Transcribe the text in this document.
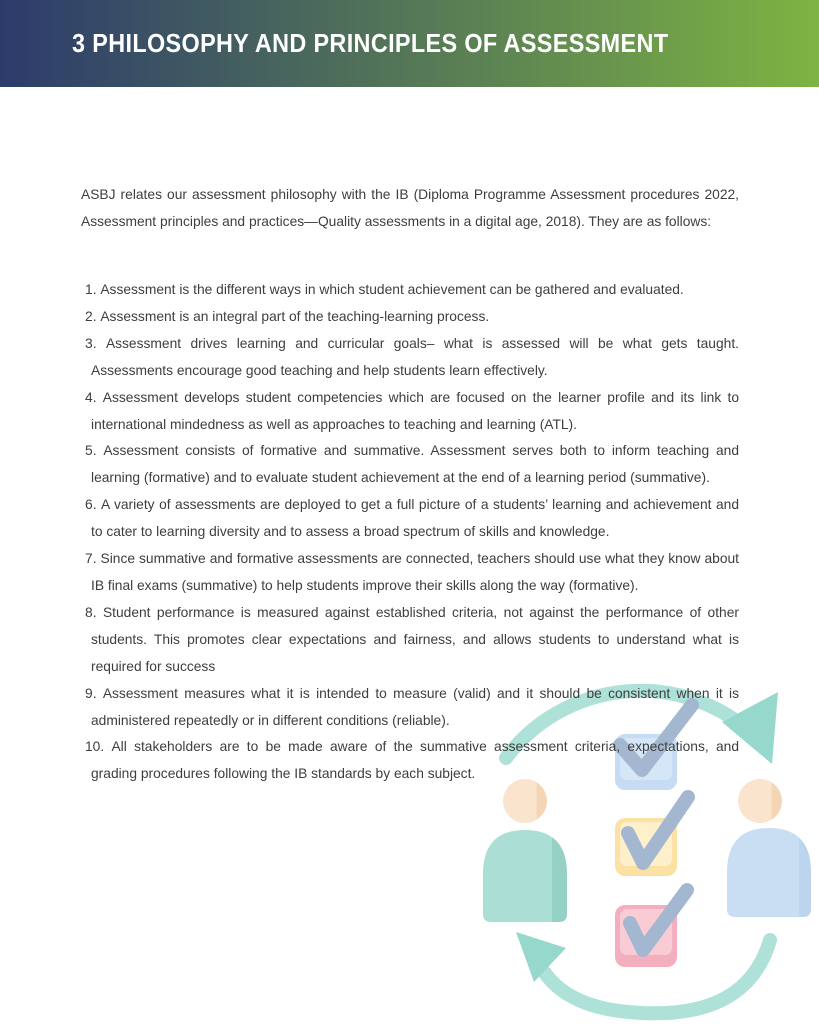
3 PHILOSOPHY AND PRINCIPLES OF ASSESSMENT

ASBJ relates our assessment philosophy with the IB (Diploma Programme Assessment procedures 2022, Assessment principles and practices—Quality assessments in a digital age, 2018). They are as follows:

Assessment is the different ways in which student achievement can be gathered and evaluated.
Assessment is an integral part of the teaching-learning process.
Assessment drives learning and curricular goals– what is assessed will be what gets taught. Assessments encourage good teaching and help students learn effectively.
Assessment develops student competencies which are focused on the learner profile and its link to international mindedness as well as approaches to teaching and learning (ATL).
Assessment consists of formative and summative. Assessment serves both to inform teaching and learning (formative) and to evaluate student achievement at the end of a learning period (summative).
A variety of assessments are deployed to get a full picture of a students’ learning and achievement and to cater to learning diversity and to assess a broad spectrum of skills and knowledge.
Since summative and formative assessments are connected, teachers should use what they know about IB final exams (summative) to help students improve their skills along the way (formative).
Student performance is measured against established criteria, not against the performance of other students. This promotes clear expectations and fairness, and allows students to understand what is required for success
Assessment measures what it is intended to measure (valid) and it should be consistent when it is administered repeatedly or in different conditions (reliable).
All stakeholders are to be made aware of the summative assessment criteria, expectations, and grading procedures following the IB standards by each subject.
